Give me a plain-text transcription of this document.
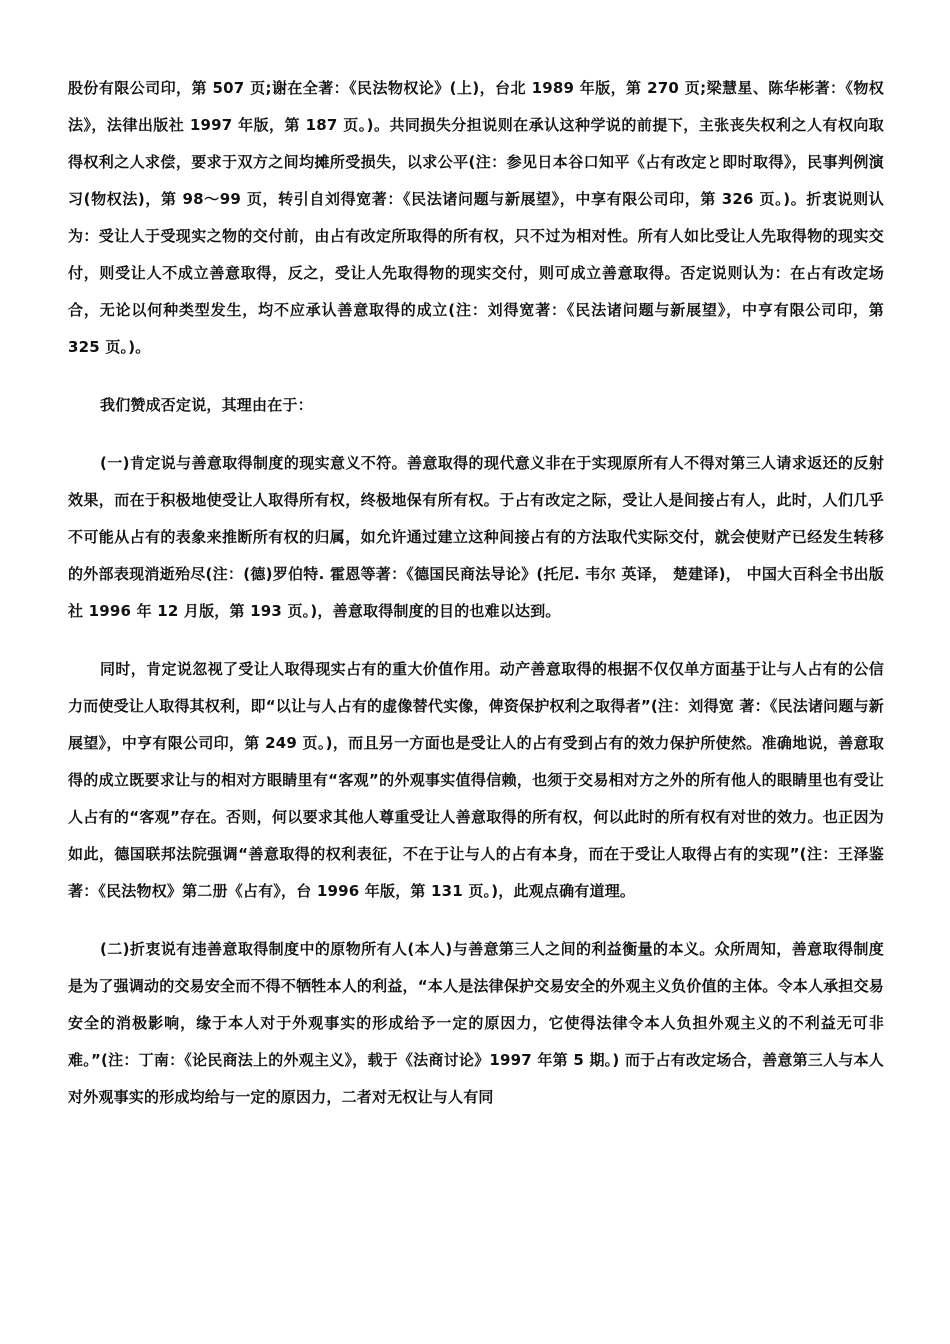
股份有限公司印，第 507 页;谢在全著：《民法物权论》(上)，台北 1989 年版，第 270 页;梁慧星、陈华彬著：《物权法》，法律出版社 1997 年版，第 187 页。)。共同损失分担说则在承认这种学说的前提下，主张丧失权利之人有权向取得权利之人求偿，要求于双方之间均摊所受损失，以求公平(注：参见日本谷口知平《占有改定と即时取得》，民事判例演习(物权法)，第 98～99 页，转引自刘得宽著：《民法诸问题与新展望》，中享有限公司印，第 326 页。)。折衷说则认为：受让人于受现实之物的交付前，由占有改定所取得的所有权，只不过为相对性。所有人如比受让人先取得物的现实交付，则受让人不成立善意取得，反之，受让人先取得物的现实交付，则可成立善意取得。否定说则认为：在占有改定场合，无论以何种类型发生，均不应承认善意取得的成立(注：刘得宽著：《民法诸问题与新展望》，中亨有限公司印，第 325 页。)。

我们赞成否定说，其理由在于：

(一)肯定说与善意取得制度的现实意义不符。善意取得的现代意义非在于实现原所有人不得对第三人请求返还的反射效果，而在于积极地使受让人取得所有权，终极地保有所有权。于占有改定之际，受让人是间接占有人，此时，人们几乎不可能从占有的表象来推断所有权的归属，如允许通过建立这种间接占有的方法取代实际交付，就会使财产已经发生转移的外部表现消逝殆尽(注：(德)罗伯特. 霍恩等著：《德国民商法导论》(托尼. 韦尔 英译， 楚建译)， 中国大百科全书出版社 1996 年 12 月版，第 193 页。)，善意取得制度的目的也难以达到。

同时，肯定说忽视了受让人取得现实占有的重大价值作用。动产善意取得的根据不仅仅单方面基于让与人占有的公信力而使受让人取得其权利，即“以让与人占有的虚像替代实像，俾资保护权利之取得者”(注：刘得宽 著：《民法诸问题与新展望》，中亨有限公司印，第 249 页。)，而且另一方面也是受让人的占有受到占有的效力保护所使然。准确地说，善意取得的成立既要求让与的相对方眼睛里有“客观”的外观事实值得信赖，也须于交易相对方之外的所有他人的眼睛里也有受让人占有的“客观”存在。否则，何以要求其他人尊重受让人善意取得的所有权，何以此时的所有权有对世的效力。也正因为如此，德国联邦法院强调“善意取得的权利表征，不在于让与人的占有本身，而在于受让人取得占有的实现”(注：王泽鉴 著：《民法物权》第二册《占有》，台 1996 年版，第 131 页。)，此观点确有道理。

(二)折衷说有违善意取得制度中的原物所有人(本人)与善意第三人之间的利益衡量的本义。众所周知，善意取得制度是为了强调动的交易安全而不得不牺牲本人的利益，“本人是法律保护交易安全的外观主义负价值的主体。令本人承担交易安全的消极影响，缘于本人对于外观事实的形成给予一定的原因力，它使得法律令本人负担外观主义的不利益无可非难。”(注：丁南：《论民商法上的外观主义》，载于《法商讨论》1997 年第 5 期。) 而于占有改定场合，善意第三人与本人对外观事实的形成均给与一定的原因力，二者对无权让与人有同
